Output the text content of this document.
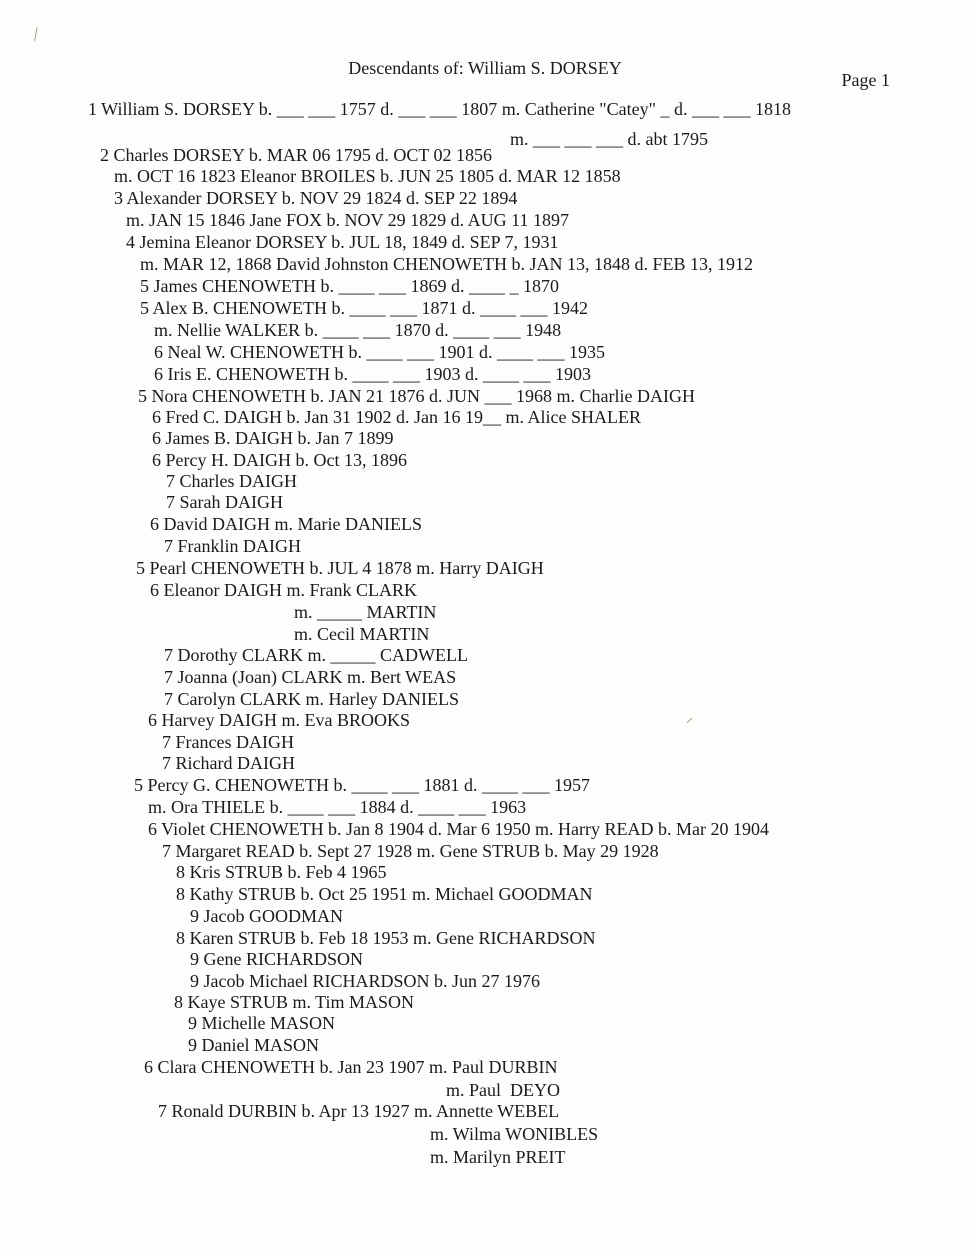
⟋
⸝
Descendants of: William S. DORSEY
Page 1
1 William S. DORSEY b. ___ ___ 1757 d. ___ ___ 1807 m. Catherine "Catey" _ d. ___ ___ 1818
m. ___ ___ ___ d. abt 1795
2 Charles DORSEY b. MAR 06 1795 d. OCT 02 1856
m. OCT 16 1823 Eleanor BROILES b. JUN 25 1805 d. MAR 12 1858
3 Alexander DORSEY b. NOV 29 1824 d. SEP 22 1894
m. JAN 15 1846 Jane FOX b. NOV 29 1829 d. AUG 11 1897
4 Jemina Eleanor DORSEY b. JUL 18, 1849 d. SEP 7, 1931
m. MAR 12, 1868 David Johnston CHENOWETH b. JAN 13, 1848 d. FEB 13, 1912
5 James CHENOWETH b. ____ ___ 1869 d. ____ _ 1870
5 Alex B. CHENOWETH b. ____ ___ 1871 d. ____ ___ 1942
m. Nellie WALKER b. ____ ___ 1870 d. ____ ___ 1948
6 Neal W. CHENOWETH b. ____ ___ 1901 d. ____ ___ 1935
6 Iris E. CHENOWETH b. ____ ___ 1903 d. ____ ___ 1903
5 Nora CHENOWETH b. JAN 21 1876 d. JUN ___ 1968 m. Charlie DAIGH
6 Fred C. DAIGH b. Jan 31 1902 d. Jan 16 19__ m. Alice SHALER
6 James B. DAIGH b. Jan 7 1899
6 Percy H. DAIGH b. Oct 13, 1896
7 Charles DAIGH
7 Sarah DAIGH
6 David DAIGH m. Marie DANIELS
7 Franklin DAIGH
5 Pearl CHENOWETH b. JUL 4 1878 m. Harry DAIGH
6 Eleanor DAIGH m. Frank CLARK
m. _____ MARTIN
m. Cecil MARTIN
7 Dorothy CLARK m. _____ CADWELL
7 Joanna (Joan) CLARK m. Bert WEAS
7 Carolyn CLARK m. Harley DANIELS
6 Harvey DAIGH m. Eva BROOKS
7 Frances DAIGH
7 Richard DAIGH
5 Percy G. CHENOWETH b. ____ ___ 1881 d. ____ ___ 1957
m. Ora THIELE b. ____ ___ 1884 d. ____ ___ 1963
6 Violet CHENOWETH b. Jan 8 1904 d. Mar 6 1950 m. Harry READ b. Mar 20 1904
7 Margaret READ b. Sept 27 1928 m. Gene STRUB b. May 29 1928
8 Kris STRUB b. Feb 4 1965
8 Kathy STRUB b. Oct 25 1951 m. Michael GOODMAN
9 Jacob GOODMAN
8 Karen STRUB b. Feb 18 1953 m. Gene RICHARDSON
9 Gene RICHARDSON
9 Jacob Michael RICHARDSON b. Jun 27 1976
8 Kaye STRUB m. Tim MASON
9 Michelle MASON
9 Daniel MASON
6 Clara CHENOWETH b. Jan 23 1907 m. Paul DURBIN
m. Paul  DEYO
7 Ronald DURBIN b. Apr 13 1927 m. Annette WEBEL
m. Wilma WONIBLES
m. Marilyn PREIT
